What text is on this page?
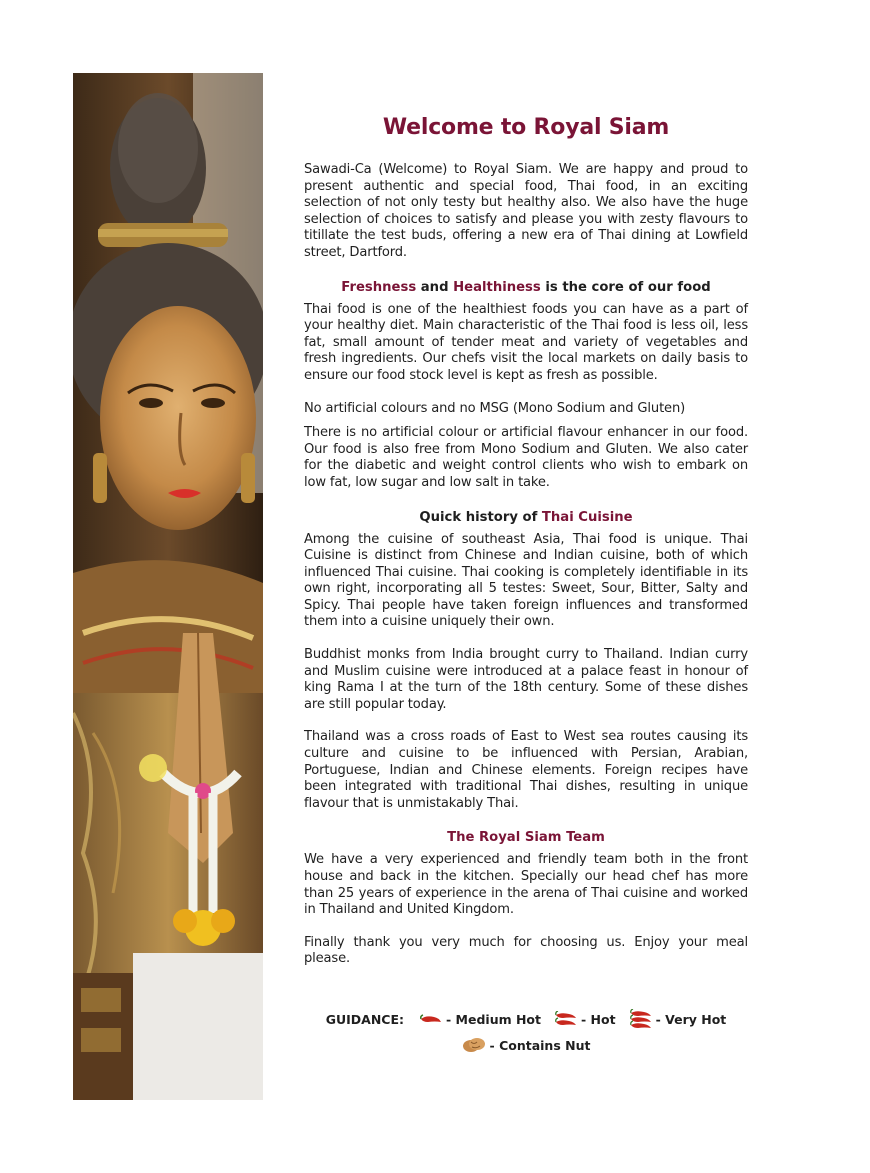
Welcome to Royal Siam

Sawadi-Ca (Welcome) to Royal Siam. We are happy and proud to present authentic and special food, Thai food, in an exciting selection of not only testy but healthy also. We also have the huge selection of choices to satisfy and please you with zesty flavours to titillate the test buds, offering a new era of Thai dining at Lowfield street, Dartford.

Freshness and Healthiness is the core of our food

Thai food is one of the healthiest foods you can have as a part of your healthy diet. Main characteristic of the Thai food is less oil, less fat, small amount of tender meat and variety of vegetables and fresh ingredients. Our chefs visit the local markets on daily basis to ensure our food stock level is kept as fresh as possible.

No artificial colours and no MSG (Mono Sodium and Gluten)

There is no artificial colour or artificial flavour enhancer in our food. Our food is also free from Mono Sodium and Gluten. We also cater for the diabetic and weight control clients who wish to embark on low fat, low sugar and low salt in take.

Quick history of Thai Cuisine

Among the cuisine of southeast Asia, Thai food is unique. Thai Cuisine is distinct from Chinese and Indian cuisine, both of which influenced Thai cuisine. Thai cooking is completely identifiable in its own right, incorporating all 5 testes: Sweet, Sour, Bitter, Salty and Spicy. Thai people have taken foreign influences and transformed them into a cuisine uniquely their own.

Buddhist monks from India brought curry to Thailand. Indian curry and Muslim cuisine were introduced at a palace feast in honour of king Rama I at the turn of the 18th century. Some of these dishes are still popular today.

Thailand was a cross roads of East to West sea routes causing its culture and cuisine to be influenced with Persian, Arabian, Portuguese, Indian and Chinese elements. Foreign recipes have been integrated with traditional Thai dishes, resulting in unique flavour that is unmistakably Thai.

The Royal Siam Team

We have a very experienced and friendly team both in the front house and back in the kitchen. Specially our head chef has more than 25 years of experience in the arena of Thai cuisine and worked in Thailand and United Kingdom.

Finally thank you very much for choosing us. Enjoy your meal please.

GUIDANCE:	- Medium Hot	- Hot	- Very Hot
- Contains Nut
